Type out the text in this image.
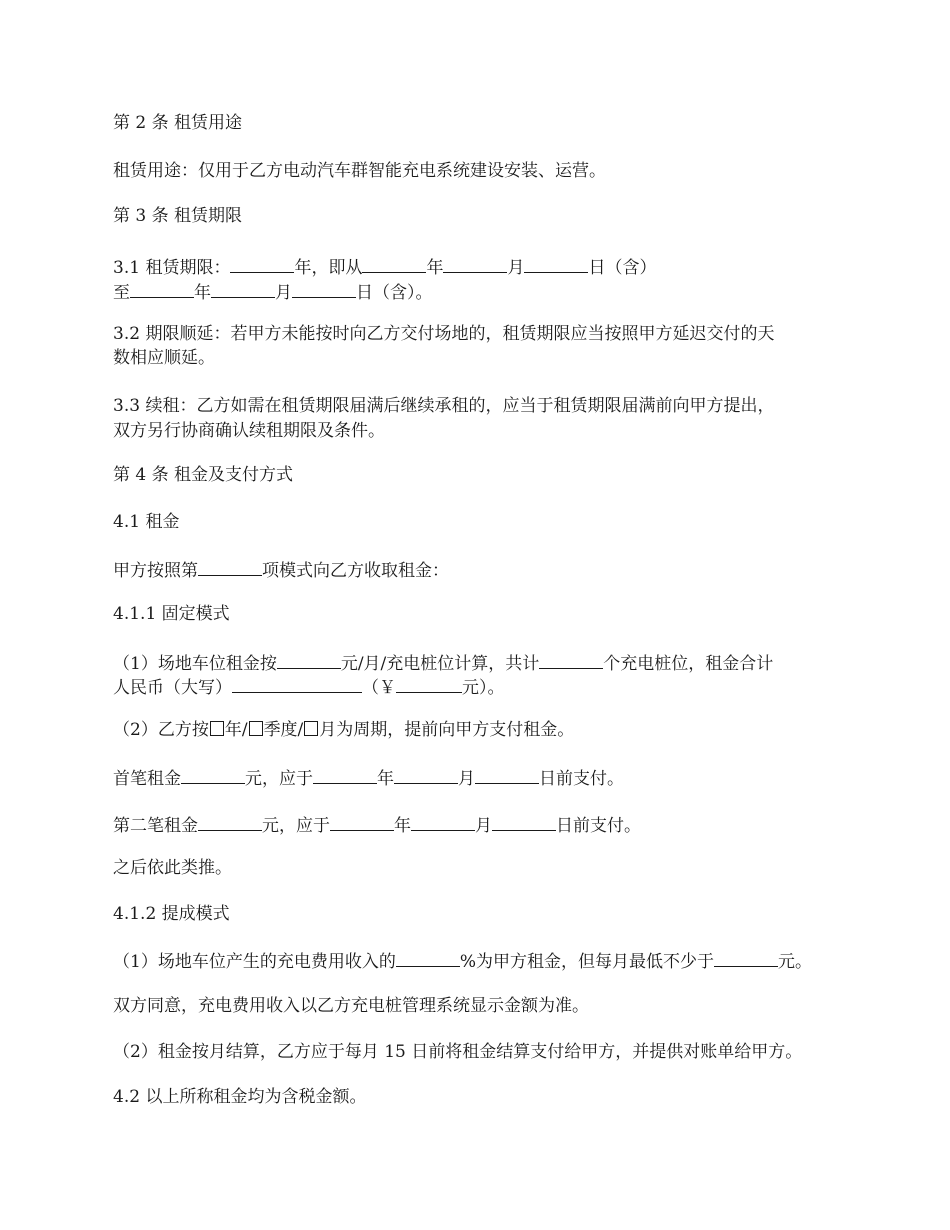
第 2 条 租赁用途
租赁用途：仅用于乙方电动汽车群智能充电系统建设安装、运营。
第 3 条 租赁期限
3.1 租赁期限：	年，即从	年	月	日（含）
至	年	月	日（含）。
3.2 期限顺延：若甲方未能按时向乙方交付场地的，租赁期限应当按照甲方延迟交付的天
数相应顺延。
3.3 续租：乙方如需在租赁期限届满后继续承租的，应当于租赁期限届满前向甲方提出，
双方另行协商确认续租期限及条件。
第 4 条 租金及支付方式
4.1 租金
甲方按照第	项模式向乙方收取租金：
4.1.1 固定模式
（1）场地车位租金按	元/月/充电桩位计算，共计	个充电桩位，租金合计
人民币（大写）	（￥	元）。
（2）乙方按 年/ 季度/ 月为周期，提前向甲方支付租金。
首笔租金	元，应于	年	月	日前支付。
第二笔租金	元，应于	年	月	日前支付。
之后依此类推。
4.1.2 提成模式
（1）场地车位产生的充电费用收入的	%为甲方租金，但每月最低不少于	元。
双方同意，充电费用收入以乙方充电桩管理系统显示金额为准。
（2）租金按月结算，乙方应于每月 15 日前将租金结算支付给甲方，并提供对账单给甲方。
4.2 以上所称租金均为含税金额。
